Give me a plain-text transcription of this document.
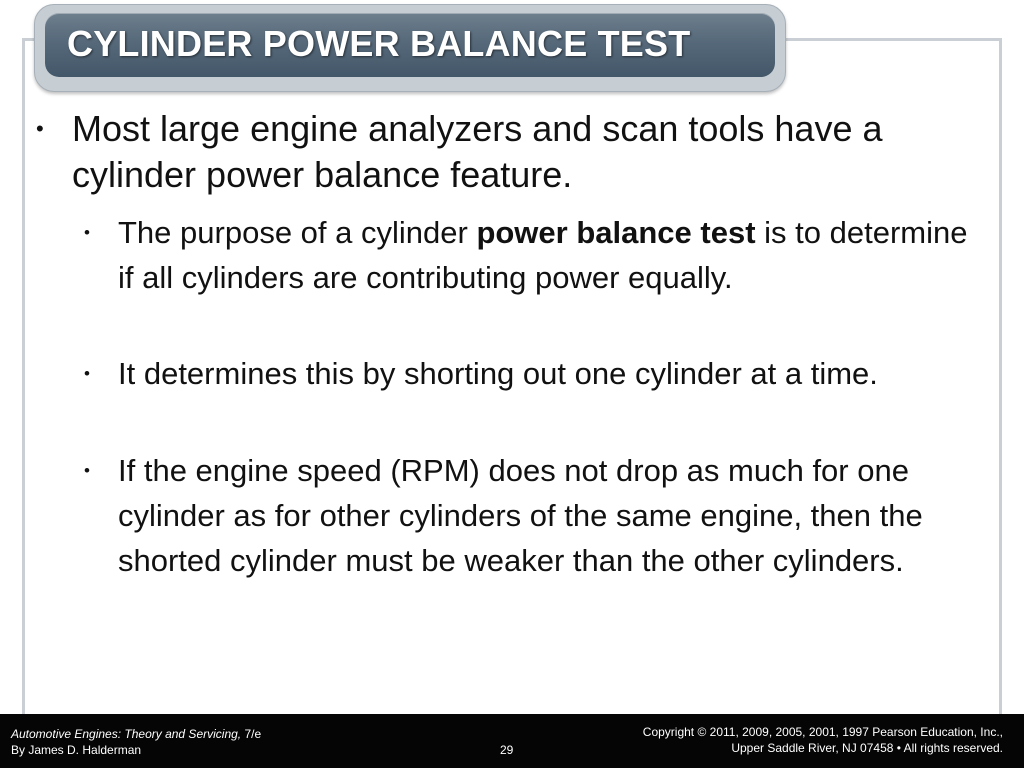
CYLINDER POWER BALANCE TEST
• Most large engine analyzers and scan tools have a cylinder power balance feature.
• The purpose of a cylinder power balance test is to determine if all cylinders are contributing power equally.
• It determines this by shorting out one cylinder at a time.
• If the engine speed (RPM) does not drop as much for one cylinder as for other cylinders of the same engine, then the shorted cylinder must be weaker than the other cylinders.
Automotive Engines: Theory and Servicing, 7/e
By James D. Halderman	29
Copyright © 2011, 2009, 2005, 2001, 1997 Pearson Education, Inc.,
Upper Saddle River, NJ 07458 • All rights reserved.
